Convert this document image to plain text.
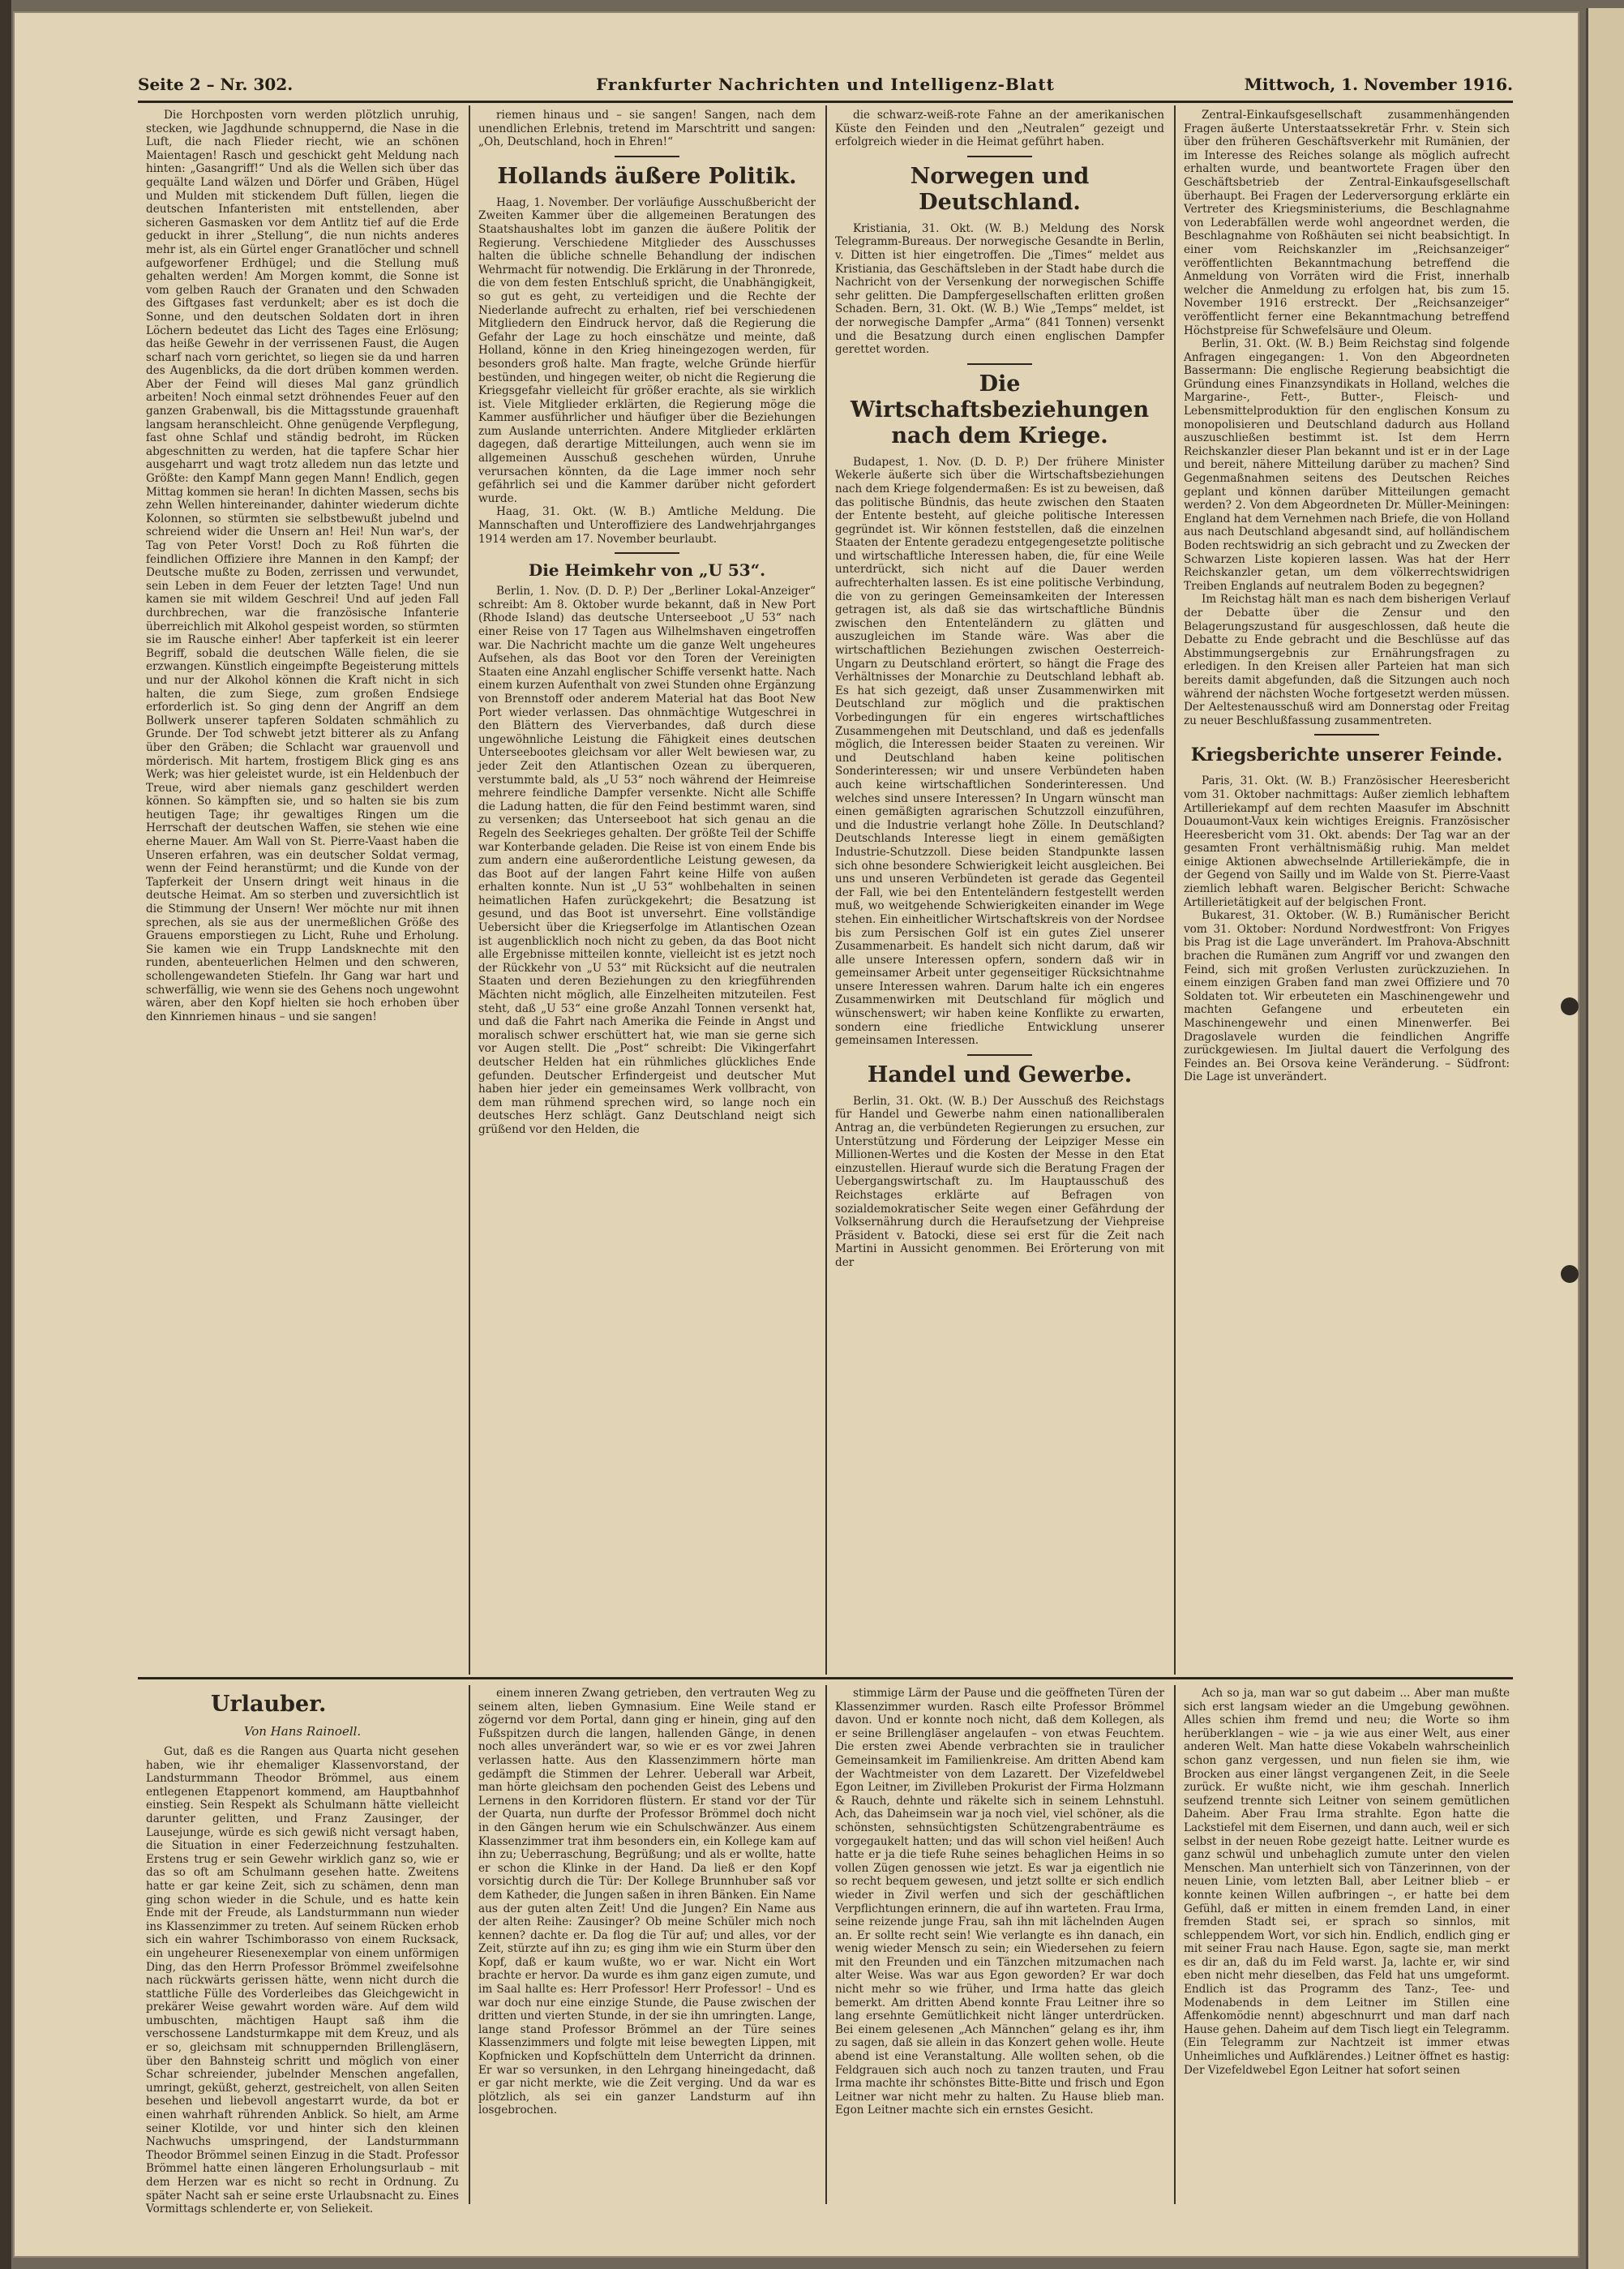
Seite 2 – Nr. 302.	Frankfurter Nachrichten und Intelligenz-Blatt	Mittwoch, 1. November 1916.

Die Horchposten vorn werden plötzlich unruhig, stecken, wie Jagdhunde schnuppernd, die Nase in die Luft, die nach Flieder riecht, wie an schönen Maientagen! Rasch und geschickt geht Meldung nach hinten: „Gasangriff!“ Und als die Wellen sich über das gequälte Land wälzen und Dörfer und Gräben, Hügel und Mulden mit stickendem Duft füllen, liegen die deutschen Infanteristen mit entstellenden, aber sicheren Gasmasken vor dem Antlitz tief auf die Erde geduckt in ihrer „Stellung“, die nun nichts anderes mehr ist, als ein Gürtel enger Granatlöcher und schnell aufgeworfener Erdhügel; und die Stellung muß gehalten werden! Am Morgen kommt, die Sonne ist vom gelben Rauch der Granaten und den Schwaden des Giftgases fast verdunkelt; aber es ist doch die Sonne, und den deutschen Soldaten dort in ihren Löchern bedeutet das Licht des Tages eine Erlösung; das heiße Gewehr in der verrissenen Faust, die Augen scharf nach vorn gerichtet, so liegen sie da und harren des Augenblicks, da die dort drüben kommen werden. Aber der Feind will dieses Mal ganz gründlich arbeiten! Noch einmal setzt dröhnendes Feuer auf den ganzen Grabenwall, bis die Mittagsstunde grauenhaft langsam heranschleicht. Ohne genügende Verpflegung, fast ohne Schlaf und ständig bedroht, im Rücken abgeschnitten zu werden, hat die tapfere Schar hier ausgeharrt und wagt trotz alledem nun das letzte und Größte: den Kampf Mann gegen Mann! Endlich, gegen Mittag kommen sie heran! In dichten Massen, sechs bis zehn Wellen hintereinander, dahinter wiederum dichte Kolonnen, so stürmten sie selbstbewußt jubelnd und schreiend wider die Unsern an! Hei! Nun war's, der Tag von Peter Vorst! Doch zu Roß führten die feindlichen Offiziere ihre Mannen in den Kampf; der Deutsche mußte zu Boden, zerrissen und verwundet, sein Leben in dem Feuer der letzten Tage! Und nun kamen sie mit wildem Geschrei! Und auf jeden Fall durchbrechen, war die französische Infanterie überreichlich mit Alkohol gespeist worden, so stürmten sie im Rausche einher! Aber tapferkeit ist ein leerer Begriff, sobald die deutschen Wälle fielen, die sie erzwangen. Künstlich eingeimpfte Begeisterung mittels und nur der Alkohol können die Kraft nicht in sich halten, die zum Siege, zum großen Endsiege erforderlich ist. So ging denn der Angriff an dem Bollwerk unserer tapferen Soldaten schmählich zu Grunde. Der Tod schwebt jetzt bitterer als zu Anfang über den Gräben; die Schlacht war grauenvoll und mörderisch. Mit hartem, frostigem Blick ging es ans Werk; was hier geleistet wurde, ist ein Heldenbuch der Treue, wird aber niemals ganz geschildert werden können. So kämpften sie, und so halten sie bis zum heutigen Tage; ihr gewaltiges Ringen um die Herrschaft der deutschen Waffen, sie stehen wie eine eherne Mauer. Am Wall von St. Pierre-Vaast haben die Unseren erfahren, was ein deutscher Soldat vermag, wenn der Feind heranstürmt; und die Kunde von der Tapferkeit der Unsern dringt weit hinaus in die deutsche Heimat. Am so sterben und zuversichtlich ist die Stimmung der Unsern! Wer möchte nur mit ihnen sprechen, als sie aus der unermeßlichen Größe des Grauens emporstiegen zu Licht, Ruhe und Erholung. Sie kamen wie ein Trupp Landsknechte mit den runden, abenteuerlichen Helmen und den schweren, schollengewandeten Stiefeln. Ihr Gang war hart und schwerfällig, wie wenn sie des Gehens noch ungewohnt wären, aber den Kopf hielten sie hoch erhoben über den Kinnriemen hinaus – und sie sangen!

riemen hinaus und – sie sangen! Sangen, nach dem unendlichen Erlebnis, tretend im Marschtritt und sangen: „Oh, Deutschland, hoch in Ehren!“

Hollands äußere Politik.

Haag, 1. November. Der vorläufige Ausschußbericht der Zweiten Kammer über die allgemeinen Beratungen des Staatshaushaltes lobt im ganzen die äußere Politik der Regierung. Verschiedene Mitglieder des Ausschusses halten die übliche schnelle Behandlung der indischen Wehrmacht für notwendig. Die Erklärung in der Thronrede, die von dem festen Entschluß spricht, die Unabhängigkeit, so gut es geht, zu verteidigen und die Rechte der Niederlande aufrecht zu erhalten, rief bei verschiedenen Mitgliedern den Eindruck hervor, daß die Regierung die Gefahr der Lage zu hoch einschätze und meinte, daß Holland, könne in den Krieg hineingezogen werden, für besonders groß halte. Man fragte, welche Gründe hierfür bestünden, und hingegen weiter, ob nicht die Regierung die Kriegsgefahr vielleicht für größer erachte, als sie wirklich ist. Viele Mitglieder erklärten, die Regierung möge die Kammer ausführlicher und häufiger über die Beziehungen zum Auslande unterrichten. Andere Mitglieder erklärten dagegen, daß derartige Mitteilungen, auch wenn sie im allgemeinen Ausschuß geschehen würden, Unruhe verursachen könnten, da die Lage immer noch sehr gefährlich sei und die Kammer darüber nicht gefordert wurde.

Haag, 31. Okt. (W. B.) Amtliche Meldung. Die Mannschaften und Unteroffiziere des Landwehrjahrganges 1914 werden am 17. November beurlaubt.

Die Heimkehr von „U 53“.

Berlin, 1. Nov. (D. D. P.) Der „Berliner Lokal-Anzeiger“ schreibt: Am 8. Oktober wurde bekannt, daß in New Port (Rhode Island) das deutsche Unterseeboot „U 53“ nach einer Reise von 17 Tagen aus Wilhelmshaven eingetroffen war. Die Nachricht machte um die ganze Welt ungeheures Aufsehen, als das Boot vor den Toren der Vereinigten Staaten eine Anzahl englischer Schiffe versenkt hatte. Nach einem kurzen Aufenthalt von zwei Stunden ohne Ergänzung von Brennstoff oder anderem Material hat das Boot New Port wieder verlassen. Das ohnmächtige Wutgeschrei in den Blättern des Vierverbandes, daß durch diese ungewöhnliche Leistung die Fähigkeit eines deutschen Unterseebootes gleichsam vor aller Welt bewiesen war, zu jeder Zeit den Atlantischen Ozean zu überqueren, verstummte bald, als „U 53“ noch während der Heimreise mehrere feindliche Dampfer versenkte. Nicht alle Schiffe die Ladung hatten, die für den Feind bestimmt waren, sind zu versenken; das Unterseeboot hat sich genau an die Regeln des Seekrieges gehalten. Der größte Teil der Schiffe war Konterbande geladen. Die Reise ist von einem Ende bis zum andern eine außerordentliche Leistung gewesen, da das Boot auf der langen Fahrt keine Hilfe von außen erhalten konnte. Nun ist „U 53“ wohlbehalten in seinen heimatlichen Hafen zurückgekehrt; die Besatzung ist gesund, und das Boot ist unversehrt. Eine vollständige Uebersicht über die Kriegserfolge im Atlantischen Ozean ist augenblicklich noch nicht zu geben, da das Boot nicht alle Ergebnisse mitteilen konnte, vielleicht ist es jetzt noch der Rückkehr von „U 53“ mit Rücksicht auf die neutralen Staaten und deren Beziehungen zu den kriegführenden Mächten nicht möglich, alle Einzelheiten mitzuteilen. Fest steht, daß „U 53“ eine große Anzahl Tonnen versenkt hat, und daß die Fahrt nach Amerika die Feinde in Angst und moralisch schwer erschüttert hat, wie man sie gerne sich vor Augen stellt. Die „Post“ schreibt: Die Vikingerfahrt deutscher Helden hat ein rühmliches glückliches Ende gefunden. Deutscher Erfindergeist und deutscher Mut haben hier jeder ein gemeinsames Werk vollbracht, von dem man rühmend sprechen wird, so lange noch ein deutsches Herz schlägt. Ganz Deutschland neigt sich grüßend vor den Helden, die

die schwarz-weiß-rote Fahne an der amerikanischen Küste den Feinden und den „Neutralen“ gezeigt und erfolgreich wieder in die Heimat geführt haben.

Norwegen und Deutschland.

Kristiania, 31. Okt. (W. B.) Meldung des Norsk Telegramm-Bureaus. Der norwegische Gesandte in Berlin, v. Ditten ist hier eingetroffen. Die „Times“ meldet aus Kristiania, das Geschäftsleben in der Stadt habe durch die Nachricht von der Versenkung der norwegischen Schiffe sehr gelitten. Die Dampfergesellschaften erlitten großen Schaden. Bern, 31. Okt. (W. B.) Wie „Temps“ meldet, ist der norwegische Dampfer „Arma“ (841 Tonnen) versenkt und die Besatzung durch einen englischen Dampfer gerettet worden.

Die Wirtschaftsbeziehungen nach dem Kriege.

Budapest, 1. Nov. (D. D. P.) Der frühere Minister Wekerle äußerte sich über die Wirtschaftsbeziehungen nach dem Kriege folgendermaßen: Es ist zu beweisen, daß das politische Bündnis, das heute zwischen den Staaten der Entente besteht, auf gleiche politische Interessen gegründet ist. Wir können feststellen, daß die einzelnen Staaten der Entente geradezu entgegengesetzte politische und wirtschaftliche Interessen haben, die, für eine Weile unterdrückt, sich nicht auf die Dauer werden aufrechterhalten lassen. Es ist eine politische Verbindung, die von zu geringen Gemeinsamkeiten der Interessen getragen ist, als daß sie das wirtschaftliche Bündnis zwischen den Ententeländern zu glätten und auszugleichen im Stande wäre. Was aber die wirtschaftlichen Beziehungen zwischen Oesterreich-Ungarn zu Deutschland erörtert, so hängt die Frage des Verhältnisses der Monarchie zu Deutschland lebhaft ab. Es hat sich gezeigt, daß unser Zusammenwirken mit Deutschland zur möglich und die praktischen Vorbedingungen für ein engeres wirtschaftliches Zusammengehen mit Deutschland, und daß es jedenfalls möglich, die Interessen beider Staaten zu vereinen. Wir und Deutschland haben keine politischen Sonderinteressen; wir und unsere Verbündeten haben auch keine wirtschaftlichen Sonderinteressen. Und welches sind unsere Interessen? In Ungarn wünscht man einen gemäßigten agrarischen Schutzzoll einzuführen, und die Industrie verlangt hohe Zölle. In Deutschland? Deutschlands Interesse liegt in einem gemäßigten Industrie-Schutzzoll. Diese beiden Standpunkte lassen sich ohne besondere Schwierigkeit leicht ausgleichen. Bei uns und unseren Verbündeten ist gerade das Gegenteil der Fall, wie bei den Ententeländern festgestellt werden muß, wo weitgehende Schwierigkeiten einander im Wege stehen. Ein einheitlicher Wirtschaftskreis von der Nordsee bis zum Persischen Golf ist ein gutes Ziel unserer Zusammenarbeit. Es handelt sich nicht darum, daß wir alle unsere Interessen opfern, sondern daß wir in gemeinsamer Arbeit unter gegenseitiger Rücksichtnahme unsere Interessen wahren. Darum halte ich ein engeres Zusammenwirken mit Deutschland für möglich und wünschenswert; wir haben keine Konflikte zu erwarten, sondern eine friedliche Entwicklung unserer gemeinsamen Interessen.

Handel und Gewerbe.

Berlin, 31. Okt. (W. B.) Der Ausschuß des Reichstags für Handel und Gewerbe nahm einen nationalliberalen Antrag an, die verbündeten Regierungen zu ersuchen, zur Unterstützung und Förderung der Leipziger Messe ein Millionen-Wertes und die Kosten der Messe in den Etat einzustellen. Hierauf wurde sich die Beratung Fragen der Uebergangswirtschaft zu. Im Hauptausschuß des Reichstages erklärte auf Befragen von sozialdemokratischer Seite wegen einer Gefährdung der Volksernährung durch die Heraufsetzung der Viehpreise Präsident v. Batocki, diese sei erst für die Zeit nach Martini in Aussicht genommen. Bei Erörterung von mit der

Zentral-Einkaufsgesellschaft zusammenhängenden Fragen äußerte Unterstaatssekretär Frhr. v. Stein sich über den früheren Geschäftsverkehr mit Rumänien, der im Interesse des Reiches solange als möglich aufrecht erhalten wurde, und beantwortete Fragen über den Geschäftsbetrieb der Zentral-Einkaufsgesellschaft überhaupt. Bei Fragen der Lederversorgung erklärte ein Vertreter des Kriegsministeriums, die Beschlagnahme von Lederabfällen werde wohl angeordnet werden, die Beschlagnahme von Roßhäuten sei nicht beabsichtigt. In einer vom Reichskanzler im „Reichsanzeiger“ veröffentlichten Bekanntmachung betreffend die Anmeldung von Vorräten wird die Frist, innerhalb welcher die Anmeldung zu erfolgen hat, bis zum 15. November 1916 erstreckt. Der „Reichsanzeiger“ veröffentlicht ferner eine Bekanntmachung betreffend Höchstpreise für Schwefelsäure und Oleum.

Berlin, 31. Okt. (W. B.) Beim Reichstag sind folgende Anfragen eingegangen: 1. Von den Abgeordneten Bassermann: Die englische Regierung beabsichtigt die Gründung eines Finanzsyndikats in Holland, welches die Margarine-, Fett-, Butter-, Fleisch- und Lebensmittelproduktion für den englischen Konsum zu monopolisieren und Deutschland dadurch aus Holland auszuschließen bestimmt ist. Ist dem Herrn Reichskanzler dieser Plan bekannt und ist er in der Lage und bereit, nähere Mitteilung darüber zu machen? Sind Gegenmaßnahmen seitens des Deutschen Reiches geplant und können darüber Mitteilungen gemacht werden? 2. Von dem Abgeordneten Dr. Müller-Meiningen: England hat dem Vernehmen nach Briefe, die von Holland aus nach Deutschland abgesandt sind, auf holländischem Boden rechtswidrig an sich gebracht und zu Zwecken der Schwarzen Liste kopieren lassen. Was hat der Herr Reichskanzler getan, um dem völkerrechtswidrigen Treiben Englands auf neutralem Boden zu begegnen?

Im Reichstag hält man es nach dem bisherigen Verlauf der Debatte über die Zensur und den Belagerungszustand für ausgeschlossen, daß heute die Debatte zu Ende gebracht und die Beschlüsse auf das Abstimmungsergebnis zur Ernährungsfragen zu erledigen. In den Kreisen aller Parteien hat man sich bereits damit abgefunden, daß die Sitzungen auch noch während der nächsten Woche fortgesetzt werden müssen. Der Aeltestenausschuß wird am Donnerstag oder Freitag zu neuer Beschlußfassung zusammentreten.

Kriegsberichte unserer Feinde.

Paris, 31. Okt. (W. B.) Französischer Heeresbericht vom 31. Oktober nachmittags: Außer ziemlich lebhaftem Artilleriekampf auf dem rechten Maasufer im Abschnitt Douaumont-Vaux kein wichtiges Ereignis. Französischer Heeresbericht vom 31. Okt. abends: Der Tag war an der gesamten Front verhältnismäßig ruhig. Man meldet einige Aktionen abwechselnde Artilleriekämpfe, die in der Gegend von Sailly und im Walde von St. Pierre-Vaast ziemlich lebhaft waren. Belgischer Bericht: Schwache Artillerietätigkeit auf der belgischen Front.

Bukarest, 31. Oktober. (W. B.) Rumänischer Bericht vom 31. Oktober: Nordund Nordwestfront: Von Frigyes bis Prag ist die Lage unverändert. Im Prahova-Abschnitt brachen die Rumänen zum Angriff vor und zwangen den Feind, sich mit großen Verlusten zurückzuziehen. In einem einzigen Graben fand man zwei Offiziere und 70 Soldaten tot. Wir erbeuteten ein Maschinengewehr und machten Gefangene und erbeuteten ein Maschinengewehr und einen Minenwerfer. Bei Dragoslavele wurden die feindlichen Angriffe zurückgewiesen. Im Jiultal dauert die Verfolgung des Feindes an. Bei Orsova keine Veränderung. – Südfront: Die Lage ist unverändert.

Urlauber.
Von Hans Rainoell.

Gut, daß es die Rangen aus Quarta nicht gesehen haben, wie ihr ehemaliger Klassenvorstand, der Landsturmmann Theodor Brömmel, aus einem entlegenen Etappenort kommend, am Hauptbahnhof einstieg. Sein Respekt als Schulmann hätte vielleicht darunter gelitten, und Franz Zausinger, der Lausejunge, würde es sich gewiß nicht versagt haben, die Situation in einer Federzeichnung festzuhalten. Erstens trug er sein Gewehr wirklich ganz so, wie er das so oft am Schulmann gesehen hatte. Zweitens hatte er gar keine Zeit, sich zu schämen, denn man ging schon wieder in die Schule, und es hatte kein Ende mit der Freude, als Landsturmmann nun wieder ins Klassenzimmer zu treten. Auf seinem Rücken erhob sich ein wahrer Tschimborasso von einem Rucksack, ein ungeheurer Riesenexemplar von einem unförmigen Ding, das den Herrn Professor Brömmel zweifelsohne nach rückwärts gerissen hätte, wenn nicht durch die stattliche Fülle des Vorderleibes das Gleichgewicht in prekärer Weise gewahrt worden wäre. Auf dem wild umbuschten, mächtigen Haupt saß ihm die verschossene Landsturmkappe mit dem Kreuz, und als er so, gleichsam mit schnuppernden Brillengläsern, über den Bahnsteig schritt und möglich von einer Schar schreiender, jubelnder Menschen angefallen, umringt, geküßt, geherzt, gestreichelt, von allen Seiten besehen und liebevoll angestarrt wurde, da bot er einen wahrhaft rührenden Anblick. So hielt, am Arme seiner Klotilde, vor und hinter sich den kleinen Nachwuchs umspringend, der Landsturmmann Theodor Brömmel seinen Einzug in die Stadt. Professor Brömmel hatte einen längeren Erholungsurlaub – mit dem Herzen war es nicht so recht in Ordnung. Zu später Nacht sah er seine erste Urlaubsnacht zu. Eines Vormittags schlenderte er, von Seliekeit.

einem inneren Zwang getrieben, den vertrauten Weg zu seinem alten, lieben Gymnasium. Eine Weile stand er zögernd vor dem Portal, dann ging er hinein, ging auf den Fußspitzen durch die langen, hallenden Gänge, in denen noch alles unverändert war, so wie er es vor zwei Jahren verlassen hatte. Aus den Klassenzimmern hörte man gedämpft die Stimmen der Lehrer. Ueberall war Arbeit, man hörte gleichsam den pochenden Geist des Lebens und Lernens in den Korridoren flüstern. Er stand vor der Tür der Quarta, nun durfte der Professor Brömmel doch nicht in den Gängen herum wie ein Schulschwänzer. Aus einem Klassenzimmer trat ihm besonders ein, ein Kollege kam auf ihn zu; Ueberraschung, Begrüßung; und als er wollte, hatte er schon die Klinke in der Hand. Da ließ er den Kopf vorsichtig durch die Tür: Der Kollege Brunnhuber saß vor dem Katheder, die Jungen saßen in ihren Bänken. Ein Name aus der guten alten Zeit! Und die Jungen? Ein Name aus der alten Reihe: Zausinger? Ob meine Schüler mich noch kennen? dachte er. Da flog die Tür auf; und alles, vor der Zeit, stürzte auf ihn zu; es ging ihm wie ein Sturm über den Kopf, daß er kaum wußte, wo er war. Nicht ein Wort brachte er hervor. Da wurde es ihm ganz eigen zumute, und im Saal hallte es: Herr Professor! Herr Professor! – Und es war doch nur eine einzige Stunde, die Pause zwischen der dritten und vierten Stunde, in der sie ihn umringten. Lange, lange stand Professor Brömmel an der Türe seines Klassenzimmers und folgte mit leise bewegten Lippen, mit Kopfnicken und Kopfschütteln dem Unterricht da drinnen. Er war so versunken, in den Lehrgang hineingedacht, daß er gar nicht merkte, wie die Zeit verging. Und da war es plötzlich, als sei ein ganzer Landsturm auf ihn losgebrochen.

stimmige Lärm der Pause und die geöffneten Türen der Klassenzimmer wurden. Rasch eilte Professor Brömmel davon. Und er konnte noch nicht, daß dem Kollegen, als er seine Brillengläser angelaufen – von etwas Feuchtem. Die ersten zwei Abende verbrachten sie in traulicher Gemeinsamkeit im Familienkreise. Am dritten Abend kam der Wachtmeister von dem Lazarett. Der Vizefeldwebel Egon Leitner, im Zivilleben Prokurist der Firma Holzmann & Rauch, dehnte und räkelte sich in seinem Lehnstuhl. Ach, das Daheimsein war ja noch viel, viel schöner, als die schönsten, sehnsüchtigsten Schützengrabenträume es vorgegaukelt hatten; und das will schon viel heißen! Auch hatte er ja die tiefe Ruhe seines behaglichen Heims in so vollen Zügen genossen wie jetzt. Es war ja eigentlich nie so recht bequem gewesen, und jetzt sollte er sich endlich wieder in Zivil werfen und sich der geschäftlichen Verpflichtungen erinnern, die auf ihn warteten. Frau Irma, seine reizende junge Frau, sah ihn mit lächelnden Augen an. Er sollte recht sein! Wie verlangte es ihn danach, ein wenig wieder Mensch zu sein; ein Wiedersehen zu feiern mit den Freunden und ein Tänzchen mitzumachen nach alter Weise. Was war aus Egon geworden? Er war doch nicht mehr so wie früher, und Irma hatte das gleich bemerkt. Am dritten Abend konnte Frau Leitner ihre so lang ersehnte Gemütlichkeit nicht länger unterdrücken. Bei einem gelesenen „Ach Männchen“ gelang es ihr, ihm zu sagen, daß sie allein in das Konzert gehen wolle. Heute abend ist eine Veranstaltung. Alle wollten sehen, ob die Feldgrauen sich auch noch zu tanzen trauten, und Frau Irma machte ihr schönstes Bitte-Bitte und frisch und Egon Leitner war nicht mehr zu halten. Zu Hause blieb man. Egon Leitner machte sich ein ernstes Gesicht.

Ach so ja, man war so gut dabeim ... Aber man mußte sich erst langsam wieder an die Umgebung gewöhnen. Alles schien ihm fremd und neu; die Worte so ihm herüberklangen – wie – ja wie aus einer Welt, aus einer anderen Welt. Man hatte diese Vokabeln wahrscheinlich schon ganz vergessen, und nun fielen sie ihm, wie Brocken aus einer längst vergangenen Zeit, in die Seele zurück. Er wußte nicht, wie ihm geschah. Innerlich seufzend trennte sich Leitner von seinem gemütlichen Daheim. Aber Frau Irma strahlte. Egon hatte die Lackstiefel mit dem Eisernen, und dann auch, weil er sich selbst in der neuen Robe gezeigt hatte. Leitner wurde es ganz schwül und unbehaglich zumute unter den vielen Menschen. Man unterhielt sich von Tänzerinnen, von der neuen Linie, vom letzten Ball, aber Leitner blieb – er konnte keinen Willen aufbringen –, er hatte bei dem Gefühl, daß er mitten in einem fremden Land, in einer fremden Stadt sei, er sprach so sinnlos, mit schleppendem Wort, vor sich hin. Endlich, endlich ging er mit seiner Frau nach Hause. Egon, sagte sie, man merkt es dir an, daß du im Feld warst. Ja, lachte er, wir sind eben nicht mehr dieselben, das Feld hat uns umgeformt. Endlich ist das Programm des Tanz-, Tee- und Modenabends in dem Leitner im Stillen eine Affenkomödie nennt) abgeschnurrt und man darf nach Hause gehen. Daheim auf dem Tisch liegt ein Telegramm. (Ein Telegramm zur Nachtzeit ist immer etwas Unheimliches und Aufklärendes.) Leitner öffnet es hastig: Der Vizefeldwebel Egon Leitner hat sofort seinen
